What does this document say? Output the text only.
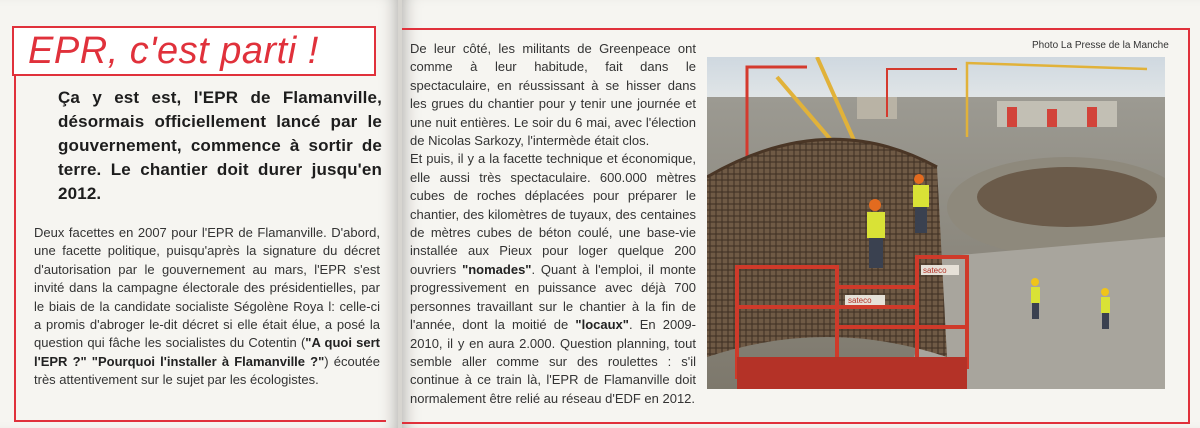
EPR, c'est parti !
Ça y est est, l'EPR de Flamanville, désormais officiellement lancé par le gouvernement, commence à sortir de terre. Le chantier doit durer jusqu'en 2012.

Deux facettes en 2007 pour l'EPR de Flamanville. D'abord, une facette politique, puisqu'après la signature du décret d'autorisation par le gouvernement au mars, l'EPR s'est invité dans la campagne électorale des présidentielles, par le biais de la candidate socialiste Ségolène Roya l: celle-ci a promis d'abroger le-dit décret si elle était élue, a posé la question qui fâche les socialistes du Cotentin ("A quoi sert l'EPR ?" "Pourquoi l'installer à Flamanville ?") écoutée très attentivement sur le sujet par les écologistes.

De leur côté, les militants de Greenpeace ont comme à leur habitude, fait dans le spectaculaire, en réussissant à se hisser dans les grues du chantier pour y tenir une journée et une nuit entières. Le soir du 6 mai, avec l'élection de Nicolas Sarkozy, l'intermède était clos.

Et puis, il y a la facette technique et économique, elle aussi très spectaculaire. 600.000 mètres cubes de roches déplacées pour préparer le chantier, des kilomètres de tuyaux, des centaines de mètres cubes de béton coulé, une base-vie installée aux Pieux pour loger quelque 200 ouvriers "nomades". Quant à l'emploi, il monte progressivement en puissance avec déjà 700 personnes travaillant sur le chantier à la fin de l'année, dont la moitié de "locaux". En 2009-2010, il y en aura 2.000. Question planning, tout semble aller comme sur des roulettes : s'il continue à ce train là, l'EPR de Flamanville doit normalement être relié au réseau d'EDF en 2012.

Photo La Presse de la Manche
sateco
sateco
